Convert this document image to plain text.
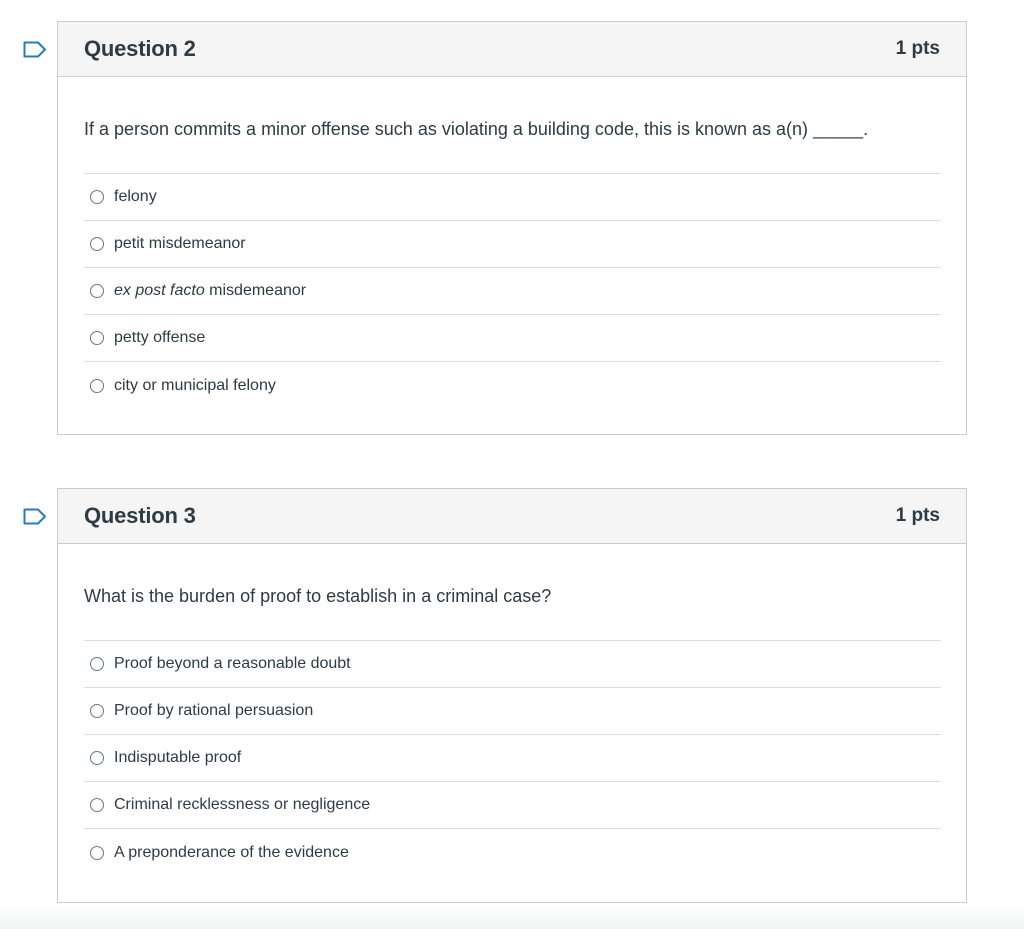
Question 2	1 pts
If a person commits a minor offense such as violating a building code, this is known as a(n) _____.
felony
petit misdemeanor
ex post facto misdemeanor
petty offense
city or municipal felony
Question 3	1 pts
What is the burden of proof to establish in a criminal case?
Proof beyond a reasonable doubt
Proof by rational persuasion
Indisputable proof
Criminal recklessness or negligence
A preponderance of the evidence
